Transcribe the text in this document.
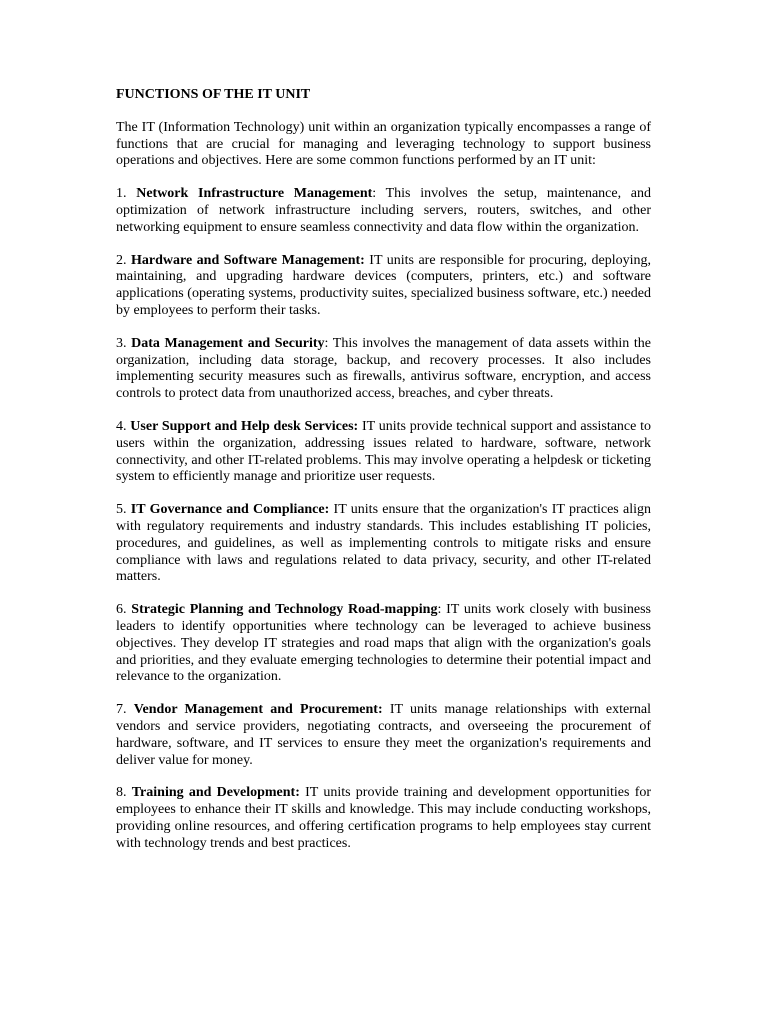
FUNCTIONS OF THE IT UNIT
The IT (Information Technology) unit within an organization typically encompasses a range of functions that are crucial for managing and leveraging technology to support business operations and objectives. Here are some common functions performed by an IT unit:
1. Network Infrastructure Management: This involves the setup, maintenance, and optimization of network infrastructure including servers, routers, switches, and other networking equipment to ensure seamless connectivity and data flow within the organization.
2. Hardware and Software Management: IT units are responsible for procuring, deploying, maintaining, and upgrading hardware devices (computers, printers, etc.) and software applications (operating systems, productivity suites, specialized business software, etc.) needed by employees to perform their tasks.
3. Data Management and Security: This involves the management of data assets within the organization, including data storage, backup, and recovery processes. It also includes implementing security measures such as firewalls, antivirus software, encryption, and access controls to protect data from unauthorized access, breaches, and cyber threats.
4. User Support and Help desk Services: IT units provide technical support and assistance to users within the organization, addressing issues related to hardware, software, network connectivity, and other IT-related problems. This may involve operating a helpdesk or ticketing system to efficiently manage and prioritize user requests.
5. IT Governance and Compliance: IT units ensure that the organization's IT practices align with regulatory requirements and industry standards. This includes establishing IT policies, procedures, and guidelines, as well as implementing controls to mitigate risks and ensure compliance with laws and regulations related to data privacy, security, and other IT-related matters.
6. Strategic Planning and Technology Road-mapping: IT units work closely with business leaders to identify opportunities where technology can be leveraged to achieve business objectives. They develop IT strategies and road maps that align with the organization's goals and priorities, and they evaluate emerging technologies to determine their potential impact and relevance to the organization.
7. Vendor Management and Procurement: IT units manage relationships with external vendors and service providers, negotiating contracts, and overseeing the procurement of hardware, software, and IT services to ensure they meet the organization's requirements and deliver value for money.
8. Training and Development: IT units provide training and development opportunities for employees to enhance their IT skills and knowledge. This may include conducting workshops, providing online resources, and offering certification programs to help employees stay current with technology trends and best practices.
